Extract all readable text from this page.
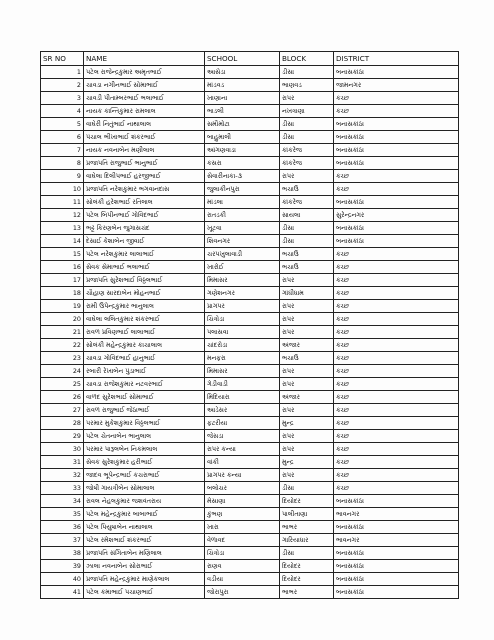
SR NO	NAME	SCHOOL	BLOCK	DISTRICT
1	પટેલ રાજેન્દ્રકુમાર અમૃતભાઈ	આસેડા	ડીસા	બનાસકાંઠા
2	ચાવડા નગીનભાઈ સોમાભાઈ	માંડવડ	ભાણવડ	જામનગર
3	ચાવડી પીતામ્બરભાઈ ભલાભાઈ	ખાણાના	રાપર	કચ્છ
4	નાયક કાન્તિકુમાર રામલાલ	ભાડલી	નખત્રાણા	કચ્છ
5	વાઘેરી નિતુંભાઈ નાથાલાલ	સમૌમોટા	ડીસા	બનાસકાંઠા
6	પંચાલ ભીખાભાઈ શંકરભાઈ	બાહુમાલી	ડીસા	બનાસકાંઠા
7	નાયક નવનાબેન મણીલાલ	આંગણવાડા	કાંકરેજ	બનાસકાંઠા
8	પ્રજાપતિ રાજુભાઈ ભાનુભાઈ	કસરા	કાંકરેજ	બનાસકાંઠા
9	વાઘેલા દિલીપભાઈ હરજીભાઈ	સેવારીનાકા-૩	રાપર	કચ્છ
10	પ્રજાપતિ નરેશકુમાર ભગવાનદાસ	જુલાકીનપુરા	ભચાઉ	કચ્છ
11	સોલંકી હરેશભાઈ રતિલાલ	માંડલા	કાંકરેજ	બનાસકાંઠા
12	પટેલ બિપીનભાઈ ગોવિંદભાઈ	રાતડકી	સાયલા	સુરેન્દ્રનગર
13	ભટ્ટ કિરણબેન જુગાસચંદ	ખૂટવા	ડીસા	બનાસકાંઠા
14	દેસાઈ કેશાબેન જીવાઈ	શિવનગર	ડીસા	બનાસકાંઠા
15	પટેલ નરેશકુમાર લાલાભાઈ	ચરપખુલાવાડી	ભચાઉ	કચ્છ
16	સેવક સેમાભાઈ ભલાભાઈ	ખારોઈ	ભચાઉ	કચ્છ
17	પ્રજાપતિ સુરેશભાઈ વિઠ્ઠલભાઈ	મિમાસર	રાપર	કચ્છ
18	ચૌહાણ સારદાબેન મોહનભાઈ	ગણેશનગર	ગાંધીધામ	કચ્છ
19	રામી ઉપેન્દ્રકુમાર ભાનુલાલ	પ્રાગપર	રાપર	કચ્છ
20	વાઘેલા લલિતકુમાર શંકરભાઈ	ચિત્રોડા	રાપર	કચ્છ
21	રાવળ પ્રવિણભાઈ લાલાભાઈ	પલાસવા	રાપર	કચ્છ
22	સોલંકી મહેન્દ્રકુમાર કાચાલાલ	ચાંદરોડા	અંજાર	કચ્છ
23	ચાવડા ગોવિંદભાઈ હાનુભાઈ	મનફરા	ભચાઉ	કચ્છ
24	રબારી રેખાબેન પુંડાભાઈ	મિમાસર	રાપર	કચ્છ
25	ચાવડા રાજેશકુમાર નટવરભાઈ	ગેડીવાડી	રાપર	કચ્છ
26	વાળંદ સુરેશભાઈ સોમાભાઈ	મિંદિયારા	અંજાર	કચ્છ
27	રાવળ રાજુભાઈ જેઠાભાઈ	આડેસર	રાપર	કચ્છ
28	પરમાર મુકેશકુમાર વિઠ્ઠલભાઈ	ફટરીયા	મુન્દ્ર	કચ્છ
29	પટેલ ચેતનાબેન ભાનુલાલ	જેસડા	રાપર	કચ્છ
30	પરમાર પારૂલબેન નિકમલાલ	રાપર કન્યા	રાપર	કચ્છ
31	સેવક સુરેશકુમાર હરીભાઈ	વાંકી	મુન્દ્ર	કચ્છ
32	જાદવ ભૂપેન્દ્રભાઈ કચરાભાઈ	પ્રાગપર કન્યા	રાપર	કચ્છ
33	જોષી ગાયત્રીબેન સોમાલાલ	બલોચર	ડીસા	કચ્છ
34	રાવલ નેહલકુમાર જશવંતરાય	મેસાણા	દિયોદર	બનાસકાંઠા
35	પટેલ મહેન્દ્રકુમાર બાબાભાઈ	કુંભણ	પાલીતાણા	ભાવનગર
36	પટેલ પિયુષાબેન નાથાલાલ	ખારા	ભાભર	બનાસકાંઠા
37	પટેલ રમેશભાઈ શંકરભાઈ	વેળાવદ	ગારિયાધાર	ભાવનગર
38	પ્રજાપતિ સંગિતાબેન મણિલાલ	ચિત્રોડા	ડીસા	બનાસકાંઠા
39	ઝાલા નવનાબેન સોરાભાઈ	રાણવ	દિયોદર	બનાસકાંઠા
40	પ્રજાપતિ મહેન્દ્રકુમાર માણેકલાલ	વડીયા	દિયોદર	બનાસકાંઠા
41	પટેલ કમાભાઈ પચાણભાઈ	જોરાપુરા	ભાભર	બનાસકાંઠા
